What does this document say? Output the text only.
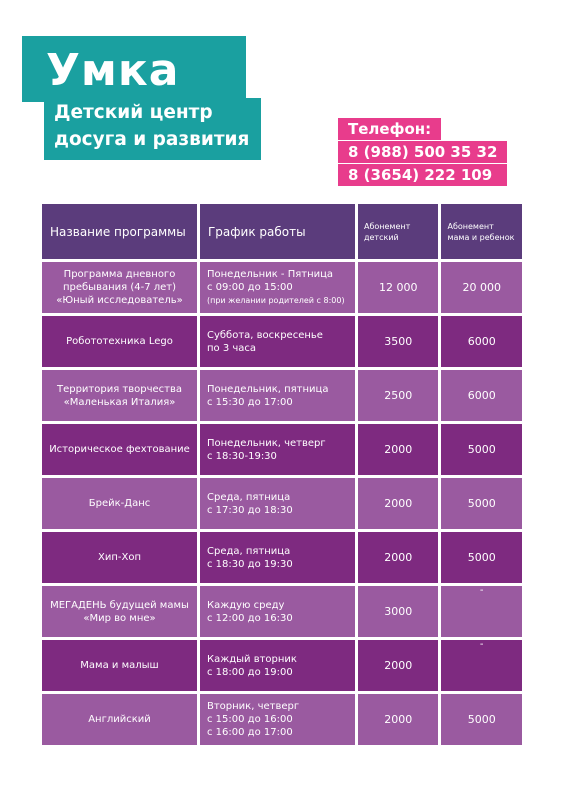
Умка
Детский центр
досуга и развития	Телефон:
8 (988) 500 35 32
8 (3654) 222 109
Название программы	График работы	Абонемент детский	Абонемент мама и ребенок
Программа дневного пребывания (4-7 лет) «Юный исследователь»	Понедельник - Пятница
с 09:00 до 15:00
(при желании родителей с 8:00)	12 000	20 000
Робототехника Lego	Суббота, воскресенье
по 3 часа	3500	6000
Территория творчества «Маленькая Италия»	Понедельник, пятница
с 15:30 до 17:00	2500	6000
Историческое фехтование	Понедельник, четверг
с 18:30-19:30	2000	5000
Брейк-Данс	Среда, пятница
с 17:30 до 18:30	2000	5000
Хип-Хоп	Среда, пятница
с 18:30 до 19:30	2000	5000
МЕГАДЕНЬ будущей мамы «Мир во мне»	Каждую среду
с 12:00 до 16:30	3000	-

Мама и малыш	Каждый вторник
с 18:00 до 19:00	2000	-

Английский	Вторник, четверг
с 15:00 до 16:00
с 16:00 до 17:00	2000	5000
